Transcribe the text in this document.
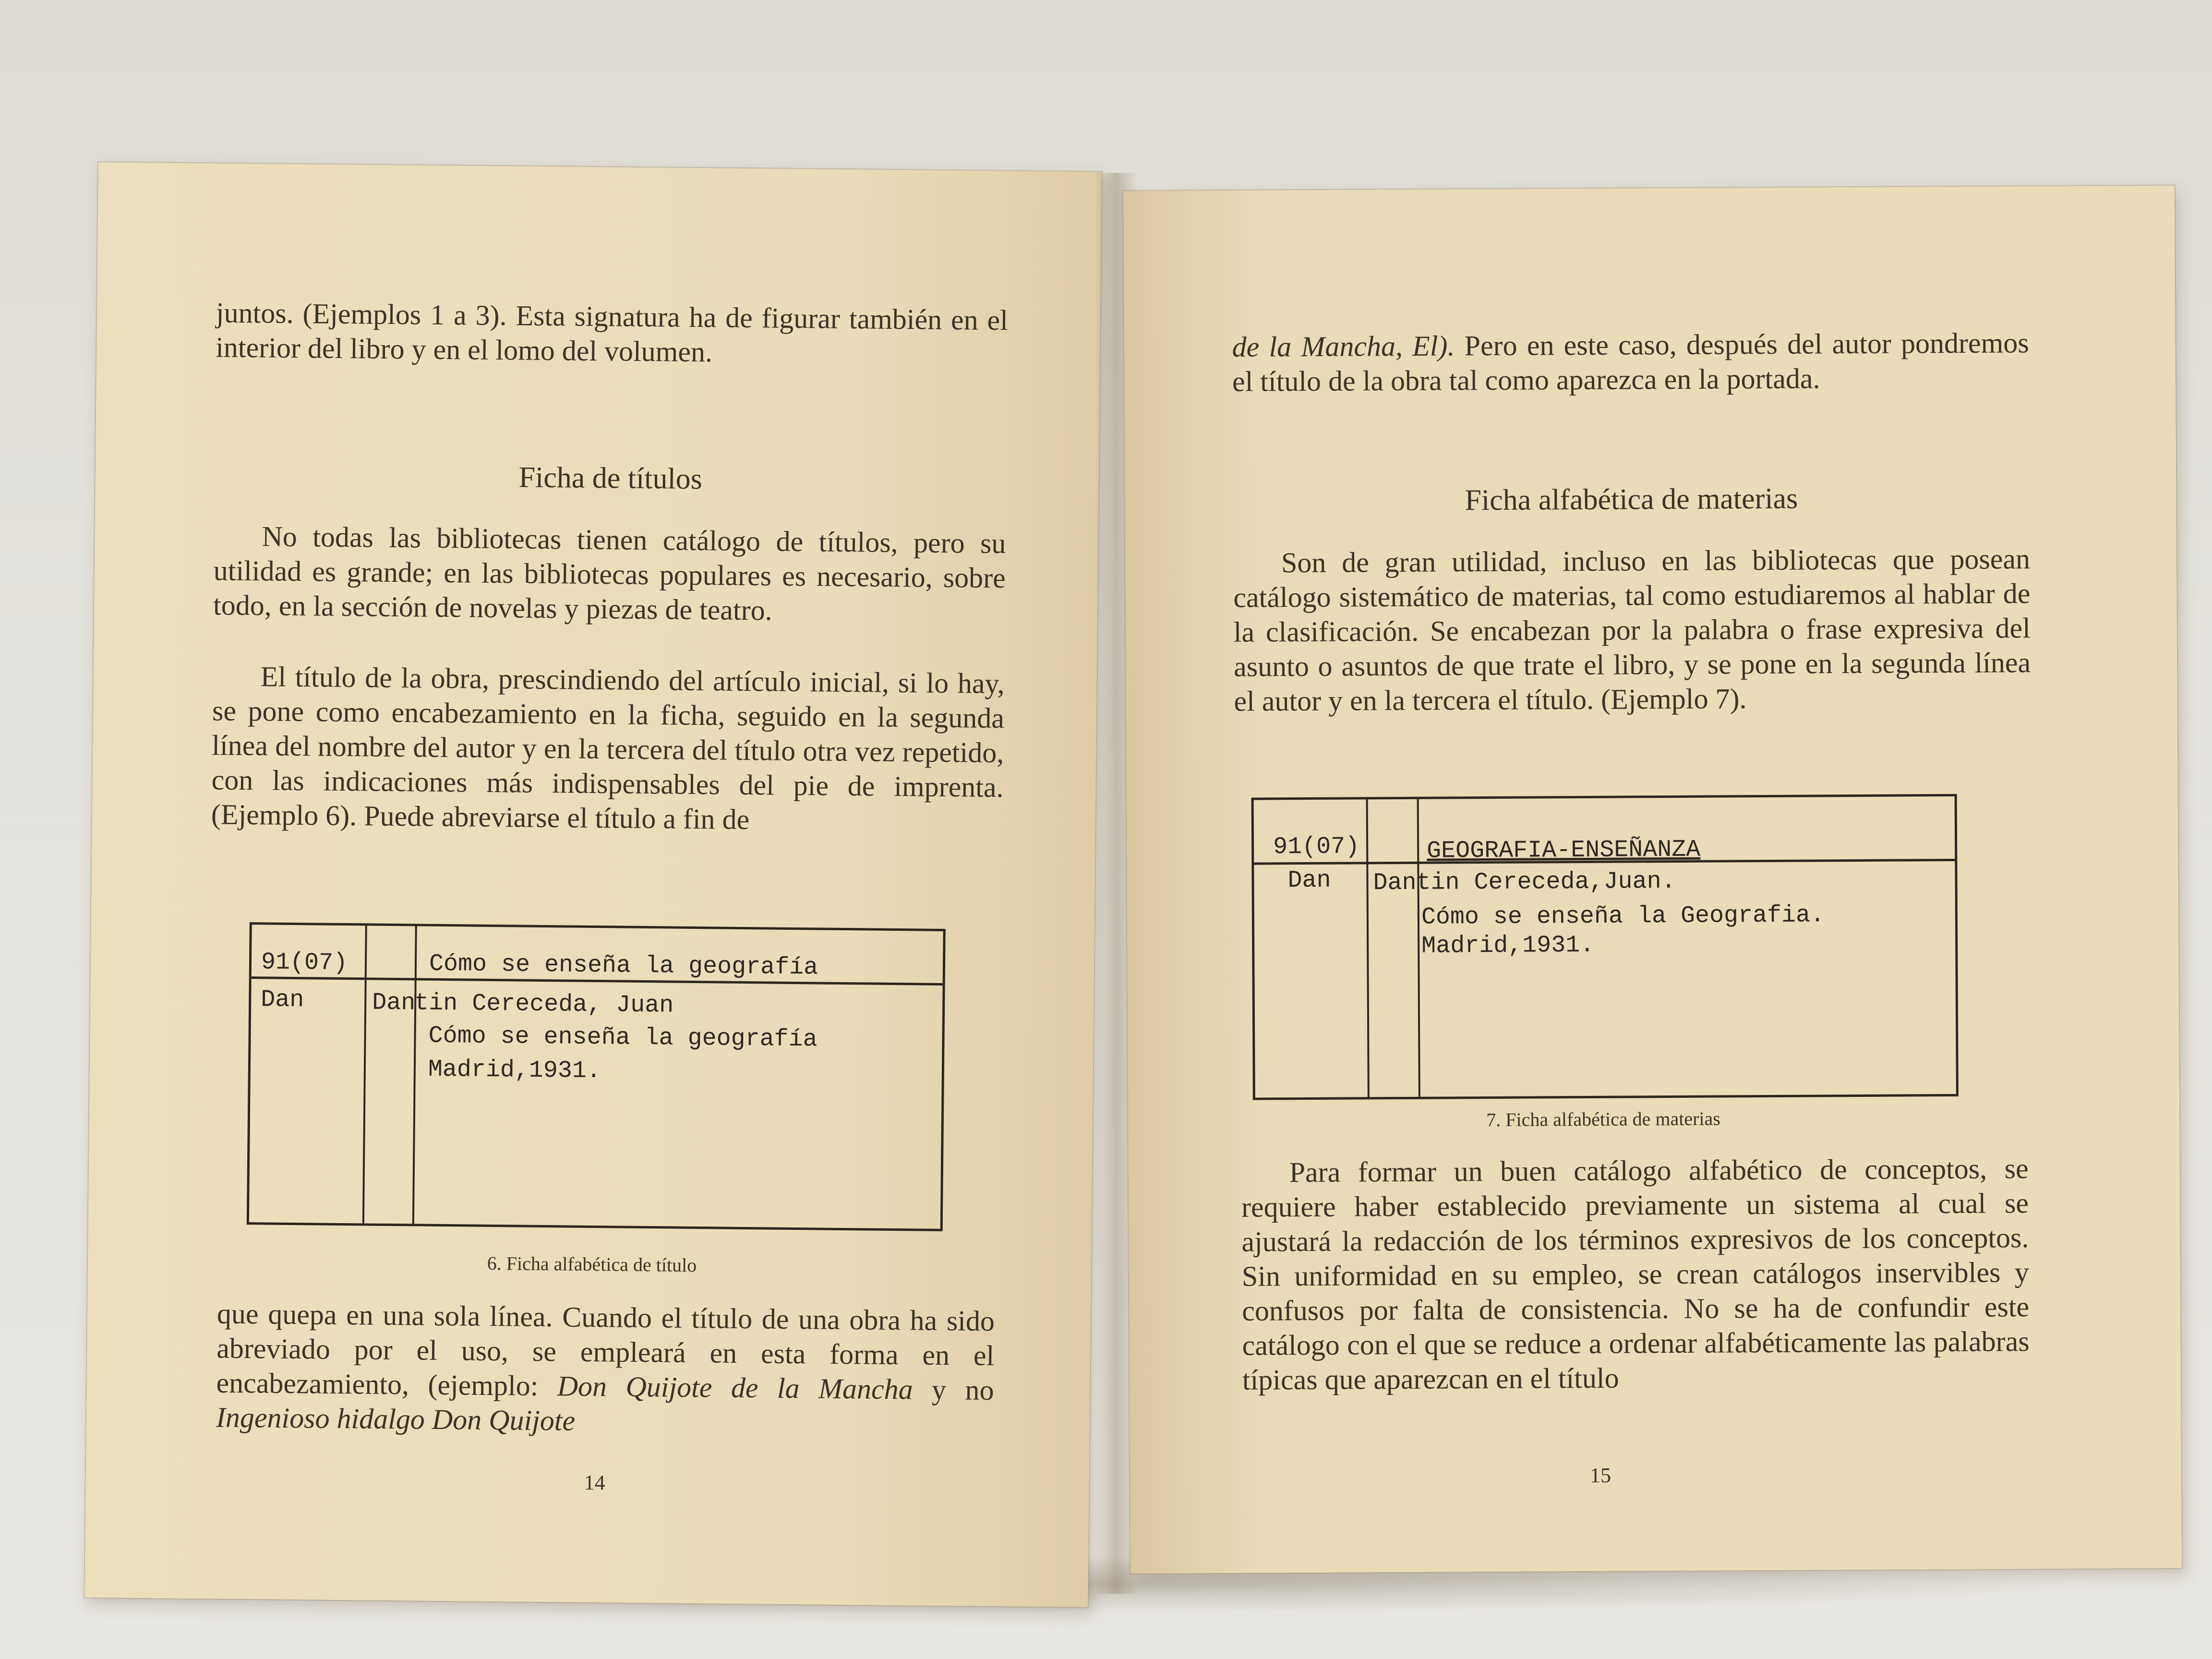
juntos. (Ejemplos 1 a 3). Esta signatura ha de figurar también en el interior del libro y en el lomo del volumen.

Ficha de títulos

No todas las bibliotecas tienen catálogo de títulos, pero su utilidad es grande; en las bibliotecas populares es necesario, sobre todo, en la sección de novelas y piezas de teatro.

El título de la obra, prescindiendo del artículo inicial, si lo hay, se pone como encabezamiento en la ficha, seguido en la segunda línea del nombre del autor y en la tercera del título otra vez repetido, con las indicaciones más indispensables del pie de imprenta. (Ejemplo 6). Puede abreviarse el título a fin de

91(07)	Cómo se enseña la geografía
Dan	Dan
tin Cereceda, Juan
Cómo se enseña la geografía
Madrid,1931.

6. Ficha alfabética de título

que quepa en una sola línea. Cuando el título de una obra ha sido abreviado por el uso, se empleará en esta forma en el encabezamiento, (ejemplo: Don Quijote de la Mancha y no Ingenioso hidalgo Don Quijote

14

de la Mancha, El). Pero en este caso, después del autor pondremos el título de la obra tal como aparezca en la portada.

Ficha alfabética de materias

Son de gran utilidad, incluso en las bibliotecas que posean catálogo sistemático de materias, tal como estudiaremos al hablar de la clasificación. Se encabezan por la palabra o frase expresiva del asunto o asuntos de que trate el libro, y se pone en la segunda línea el autor y en la tercera el título. (Ejemplo 7).

91(07)	GEOGRAFIA-ENSEÑANZA
Dan Dan tin Cereceda,Juan.
Cómo se enseña la Geografia.
Madrid,1931.

7. Ficha alfabética de materias

Para formar un buen catálogo alfabético de conceptos, se requiere haber establecido previamente un sistema al cual se ajustará la redacción de los términos expresivos de los conceptos. Sin uniformidad en su empleo, se crean catálogos inservibles y confusos por falta de consistencia. No se ha de confundir este catálogo con el que se reduce a ordenar alfabéticamente las palabras típicas que aparezcan en el título

15
